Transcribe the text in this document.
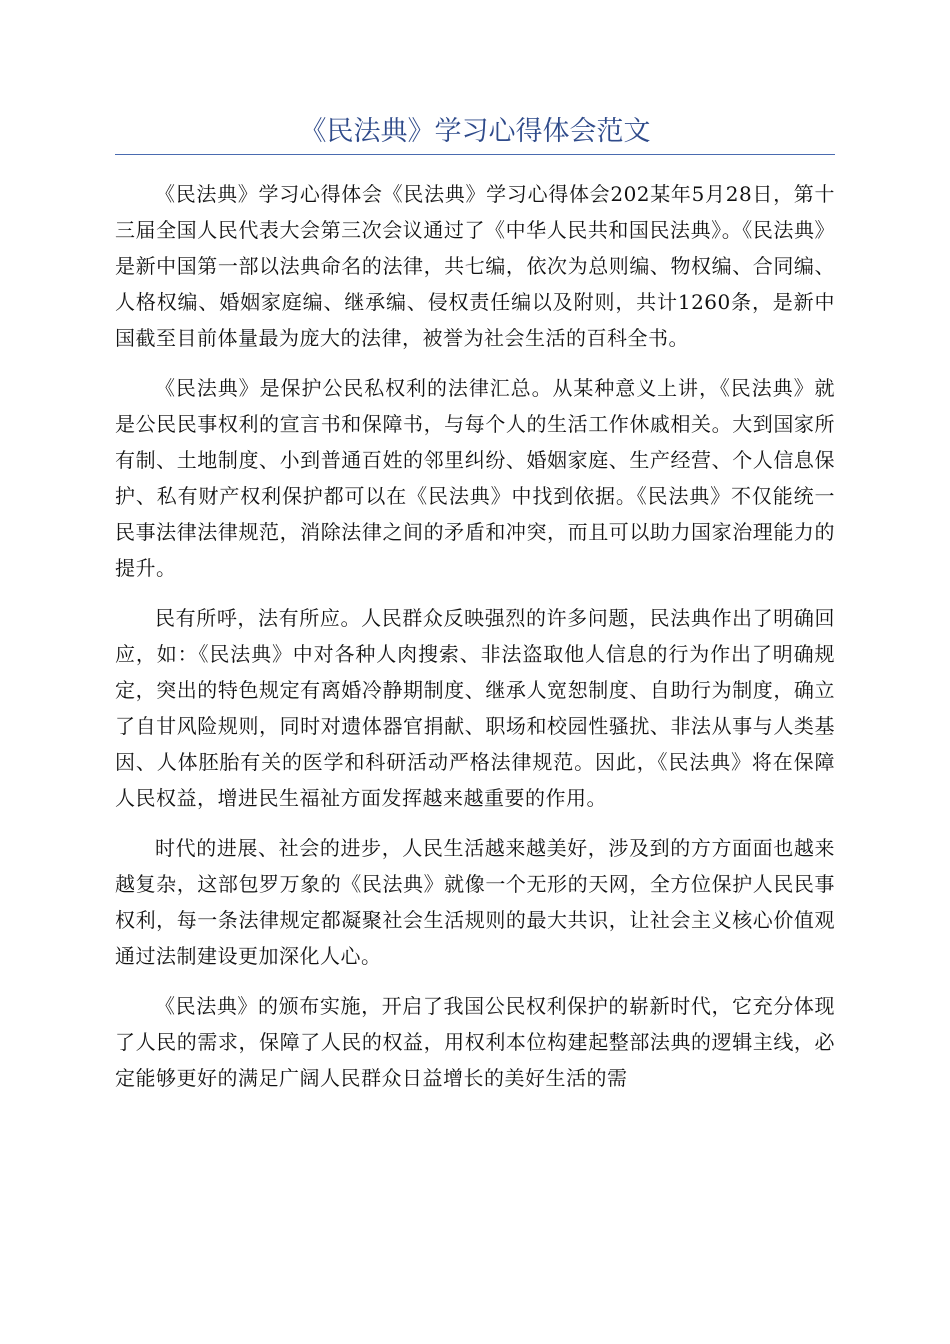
《民法典》学习心得体会范文

《民法典》学习心得体会《民法典》学习心得体会202某年5月28日，第十三届全国人民代表大会第三次会议通过了《中华人民共和国民法典》。《民法典》是新中国第一部以法典命名的法律，共七编，依次为总则编、物权编、合同编、人格权编、婚姻家庭编、继承编、侵权责任编以及附则，共计1260条，是新中国截至目前体量最为庞大的法律，被誉为社会生活的百科全书。

《民法典》是保护公民私权利的法律汇总。从某种意义上讲，《民法典》就是公民民事权利的宣言书和保障书，与每个人的生活工作休戚相关。大到国家所有制、土地制度、小到普通百姓的邻里纠纷、婚姻家庭、生产经营、个人信息保护、私有财产权利保护都可以在《民法典》中找到依据。《民法典》不仅能统一民事法律法律规范，消除法律之间的矛盾和冲突，而且可以助力国家治理能力的提升。

民有所呼，法有所应。人民群众反映强烈的许多问题，民法典作出了明确回应，如：《民法典》中对各种人肉搜索、非法盗取他人信息的行为作出了明确规定，突出的特色规定有离婚冷静期制度、继承人宽恕制度、自助行为制度，确立了自甘风险规则，同时对遗体器官捐献、职场和校园性骚扰、非法从事与人类基因、人体胚胎有关的医学和科研活动严格法律规范。因此，《民法典》将在保障人民权益，增进民生福祉方面发挥越来越重要的作用。

时代的进展、社会的进步，人民生活越来越美好，涉及到的方方面面也越来越复杂，这部包罗万象的《民法典》就像一个无形的天网，全方位保护人民民事权利，每一条法律规定都凝聚社会生活规则的最大共识，让社会主义核心价值观通过法制建设更加深化人心。

《民法典》的颁布实施，开启了我国公民权利保护的崭新时代，它充分体现了人民的需求，保障了人民的权益，用权利本位构建起整部法典的逻辑主线，必定能够更好的满足广阔人民群众日益增长的美好生活的需
